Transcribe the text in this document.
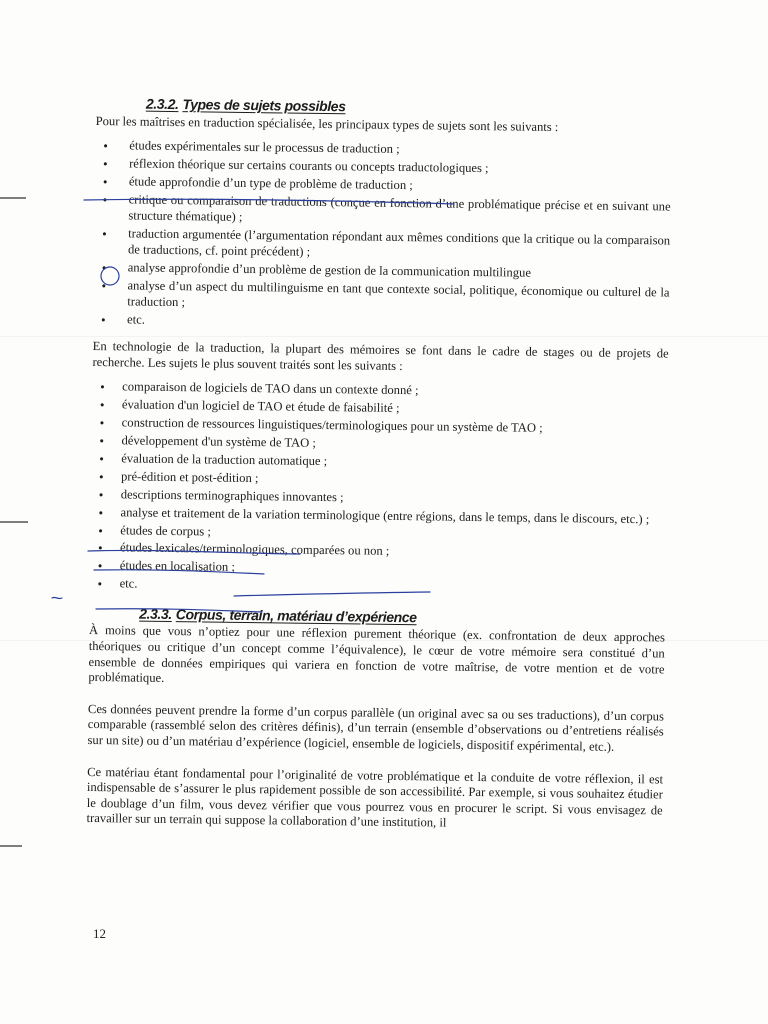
2.3.2. Types de sujets possibles

Pour les maîtrises en traduction spécialisée, les principaux types de sujets sont les suivants :

• études expérimentales sur le processus de traduction ;
• réflexion théorique sur certains courants ou concepts traductologiques ;
• étude approfondie d’un type de problème de traduction ;
• critique ou comparaison de traductions (conçue en fonction d’une problématique précise et en suivant une structure thématique) ;
• traduction argumentée (l’argumentation répondant aux mêmes conditions que la critique ou la comparaison de traductions, cf. point précédent) ;
• analyse approfondie d’un problème de gestion de la communication multilingue
• analyse d’un aspect du multilinguisme en tant que contexte social, politique, économique ou culturel de la traduction ;
• etc.

En technologie de la traduction, la plupart des mémoires se font dans le cadre de stages ou de projets de recherche. Les sujets le plus souvent traités sont les suivants :

• comparaison de logiciels de TAO dans un contexte donné ;
• évaluation d'un logiciel de TAO et étude de faisabilité ;
• construction de ressources linguistiques/terminologiques pour un système de TAO ;
• développement d'un système de TAO ;
• évaluation de la traduction automatique ;
• pré-édition et post-édition ;
• descriptions terminographiques innovantes ;
• analyse et traitement de la variation terminologique (entre régions, dans le temps, dans le discours, etc.) ;
• études de corpus ;
• études lexicales/terminologiques, comparées ou non ;
• études en localisation ;
• etc.
2.3.3. Corpus, terrain, matériau d’expérience

À moins que vous n’optiez pour une réflexion purement théorique (ex. confrontation de deux approches théoriques ou critique d’un concept comme l’équivalence), le cœur de votre mémoire sera constitué d’un ensemble de données empiriques qui variera en fonction de votre maîtrise, de votre mention et de votre problématique.

Ces données peuvent prendre la forme d’un corpus parallèle (un original avec sa ou ses traductions), d’un corpus comparable (rassemblé selon des critères définis), d’un terrain (ensemble d’observations ou d’entretiens réalisés sur un site) ou d’un matériau d’expérience (logiciel, ensemble de logiciels, dispositif expérimental, etc.).

Ce matériau étant fondamental pour l’originalité de votre problématique et la conduite de votre réflexion, il est indispensable de s’assurer le plus rapidement possible de son accessibilité. Par exemple, si vous souhaitez étudier le doublage d’un film, vous devez vérifier que vous pourrez vous en procurer le script. Si vous envisagez de travailler sur un terrain qui suppose la collaboration d’une institution, il

12
